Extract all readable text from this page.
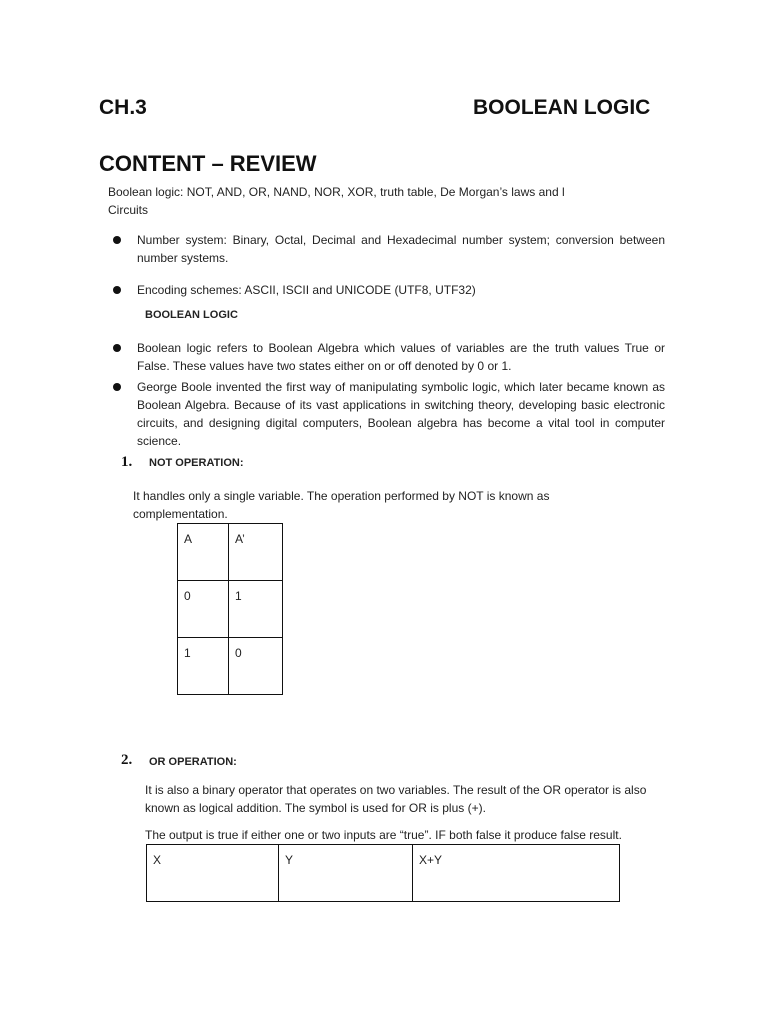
CH.3	BOOLEAN LOGIC
CONTENT – REVIEW
Boolean logic: NOT, AND, OR, NAND, NOR, XOR, truth table, De Morgan’s laws and l
Circuits
Number system: Binary, Octal, Decimal and Hexadecimal number system; conversion between number systems.
Encoding schemes: ASCII, ISCII and UNICODE (UTF8, UTF32)
BOOLEAN LOGIC
Boolean logic refers to Boolean Algebra which values of variables are the truth values True or False. These values have two states either on or off denoted by 0 or 1.
George Boole invented the first way of manipulating symbolic logic, which later became known as Boolean Algebra. Because of its vast applications in switching theory, developing basic electronic circuits, and designing digital computers, Boolean algebra has become a vital tool in computer science.
1. NOT OPERATION:
It handles only a single variable. The operation performed by NOT is known as complementation.
A	A’
0	1
1	0
2. OR OPERATION:
It is also a binary operator that operates on two variables. The result of the OR operator is also known as logical addition. The symbol is used for OR is plus (+).
The output is true if either one or two inputs are “true”. IF both false it produce false result.
X	Y	X+Y
